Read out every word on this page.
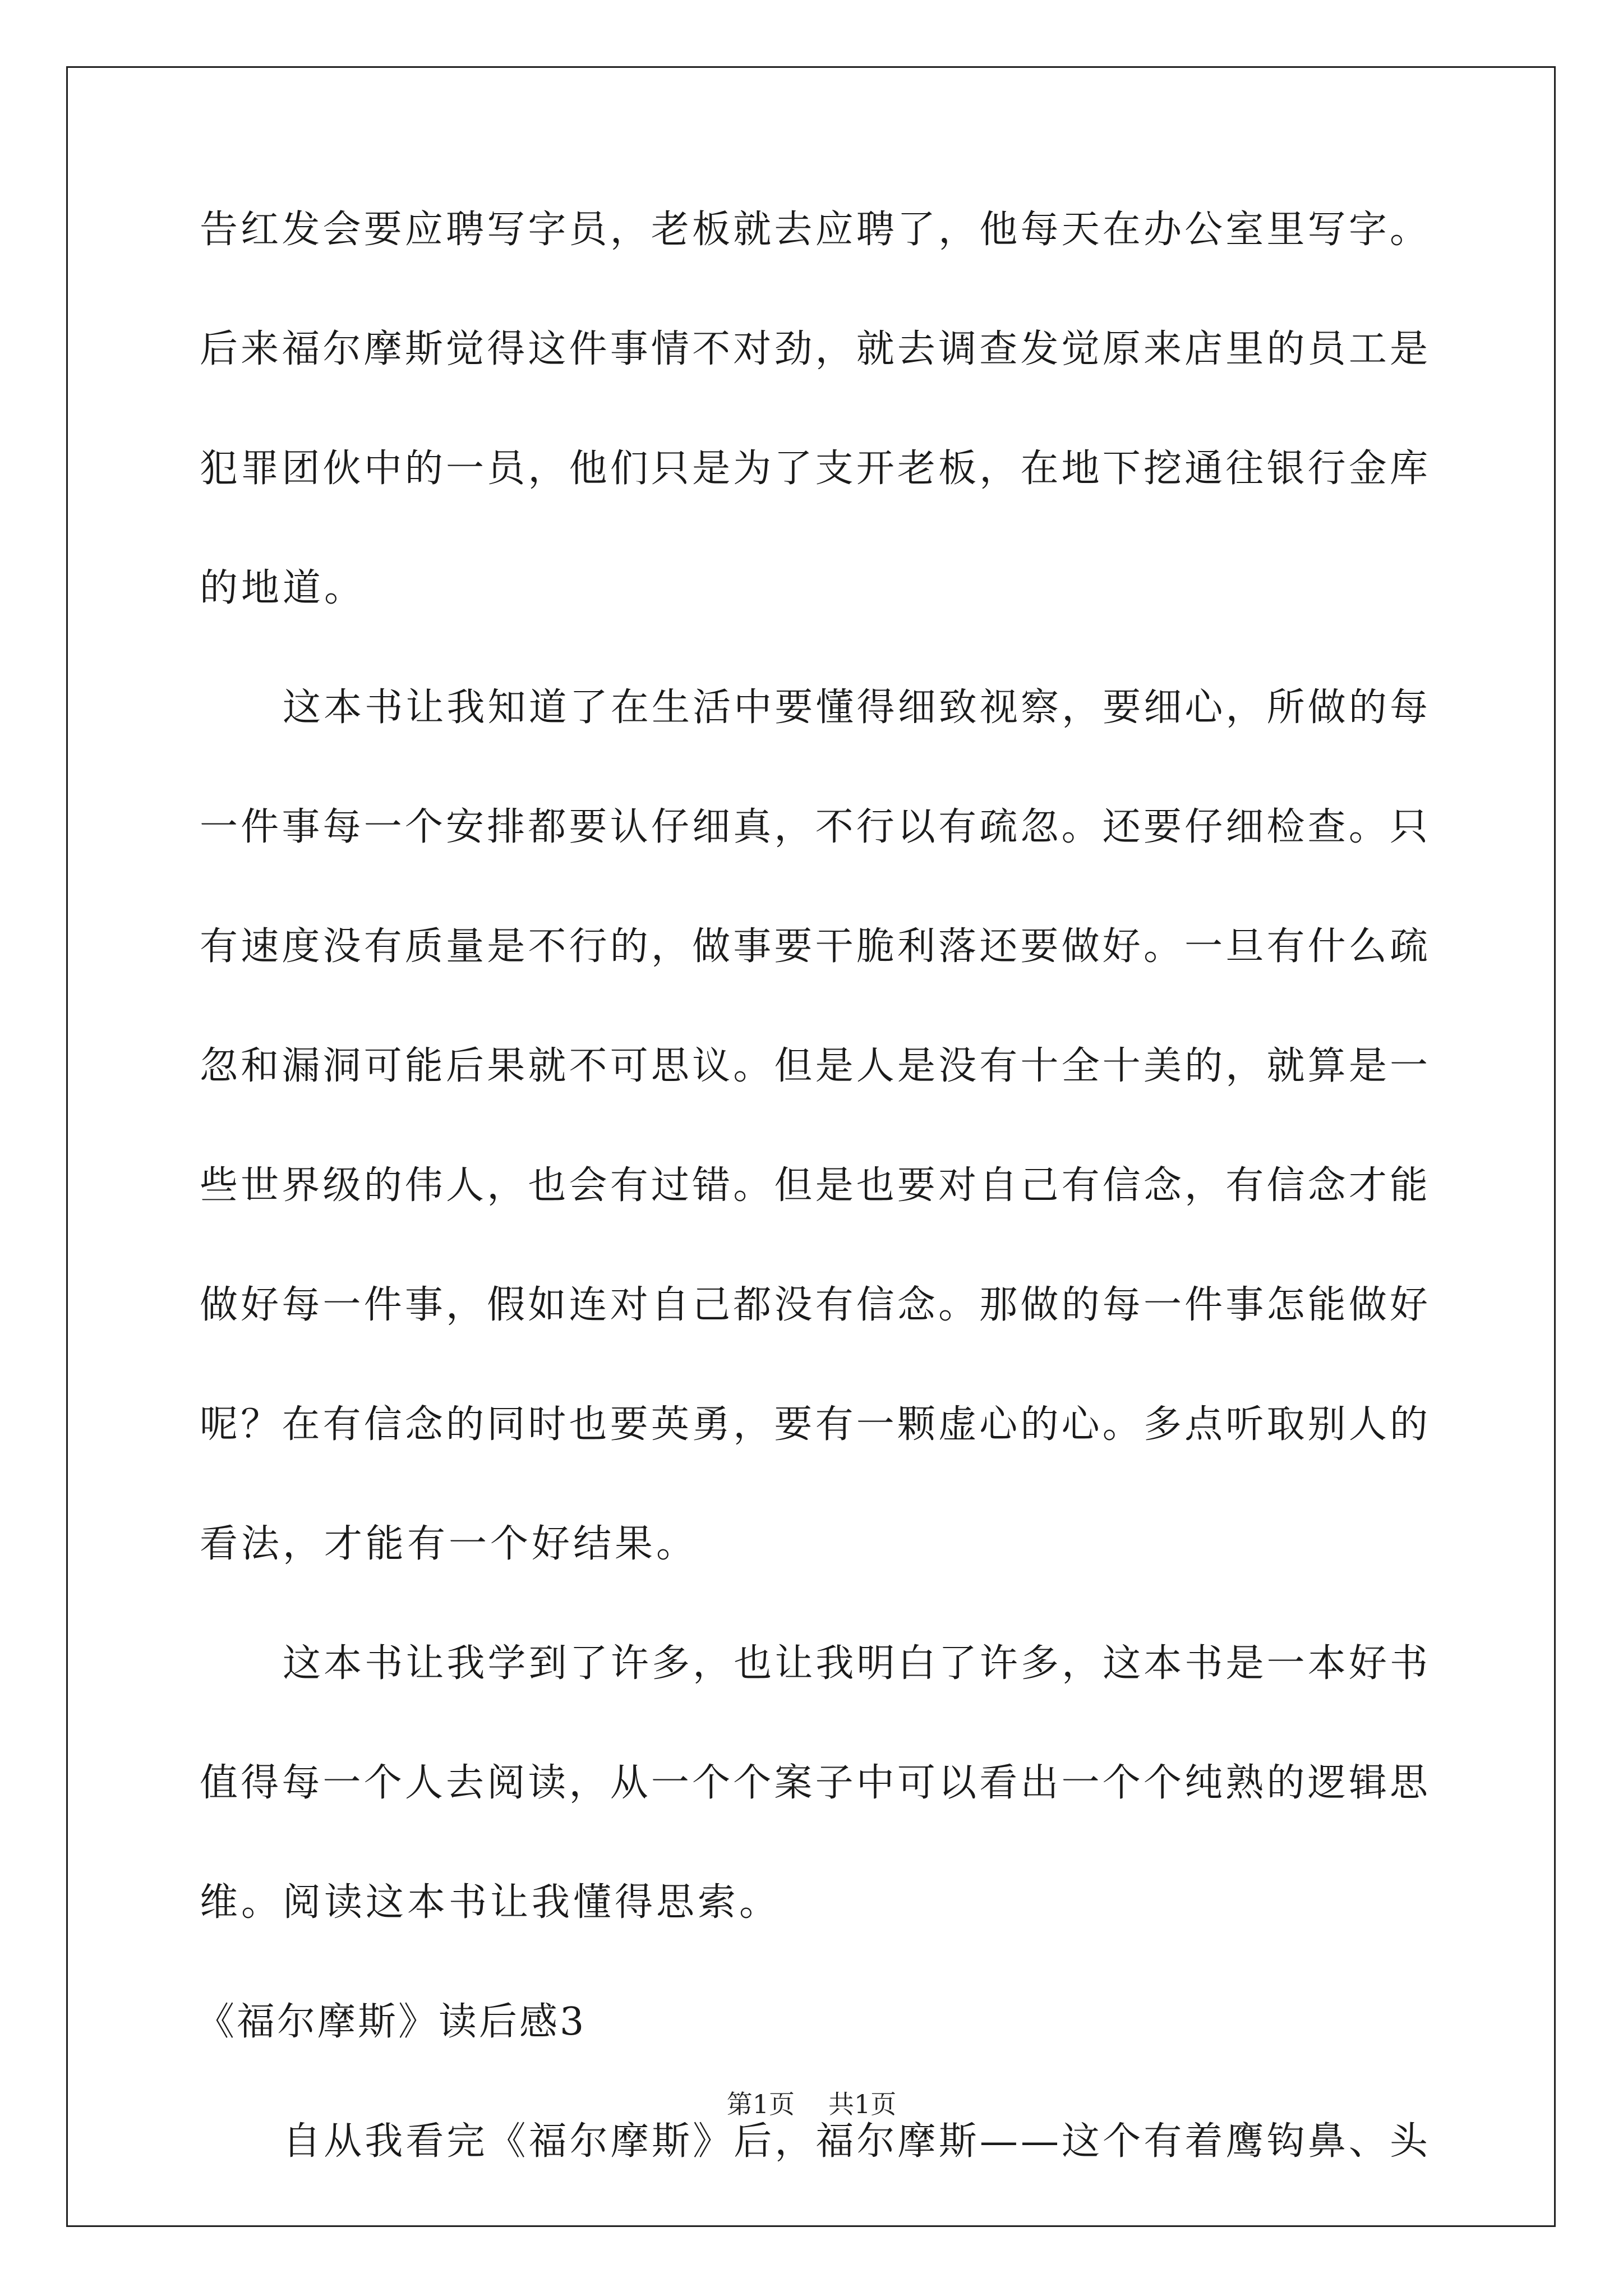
告 红 发 会 要 应 聘 写 字 员 ， 老 板 就 去 应 聘 了 ， 他 每 天 在 办 公 室 里 写 字 。
后 来 福 尔 摩 斯 觉 得 这 件 事 情 不 对 劲 ， 就 去 调 查 发 觉 原 来 店 里 的 员 工 是
犯 罪 团 伙 中 的 一 员 ， 他 们 只 是 为 了 支 开 老 板 ， 在 地 下 挖 通 往 银 行 金 库
的地道。
这 本 书 让 我 知 道 了 在 生 活 中 要 懂 得 细 致 视 察 ， 要 细 心 ， 所 做 的 每
一 件 事 每 一 个 安 排 都 要 认 仔 细 真 ， 不 行 以 有 疏 忽 。 还 要 仔 细 检 查 。 只
有 速 度 没 有 质 量 是 不 行 的 ， 做 事 要 干 脆 利 落 还 要 做 好 。 一 旦 有 什 么 疏
忽 和 漏 洞 可 能 后 果 就 不 可 思 议 。 但 是 人 是 没 有 十 全 十 美 的 ， 就 算 是 一
些 世 界 级 的 伟 人 ， 也 会 有 过 错 。 但 是 也 要 对 自 己 有 信 念 ， 有 信 念 才 能
做 好 每 一 件 事 ， 假 如 连 对 自 己 都 没 有 信 念 。 那 做 的 每 一 件 事 怎 能 做 好
呢 ？ 在 有 信 念 的 同 时 也 要 英 勇 ， 要 有 一 颗 虚 心 的 心 。 多 点 听 取 别 人 的
看法，才能有一个好结果。
这 本 书 让 我 学 到 了 许 多 ， 也 让 我 明 白 了 许 多 ， 这 本 书 是 一 本 好 书
值 得 每 一 个 人 去 阅 读 ， 从 一 个 个 案 子 中 可 以 看 出 一 个 个 纯 熟 的 逻 辑 思
维。阅读这本书让我懂得思索。
《福尔摩斯》读后感3
自 从 我 看 完 《 福 尔 摩 斯 》 后 ， 福 尔 摩 斯 — — 这 个 有 着 鹰 钩 鼻 、 头
第1页 共1页
